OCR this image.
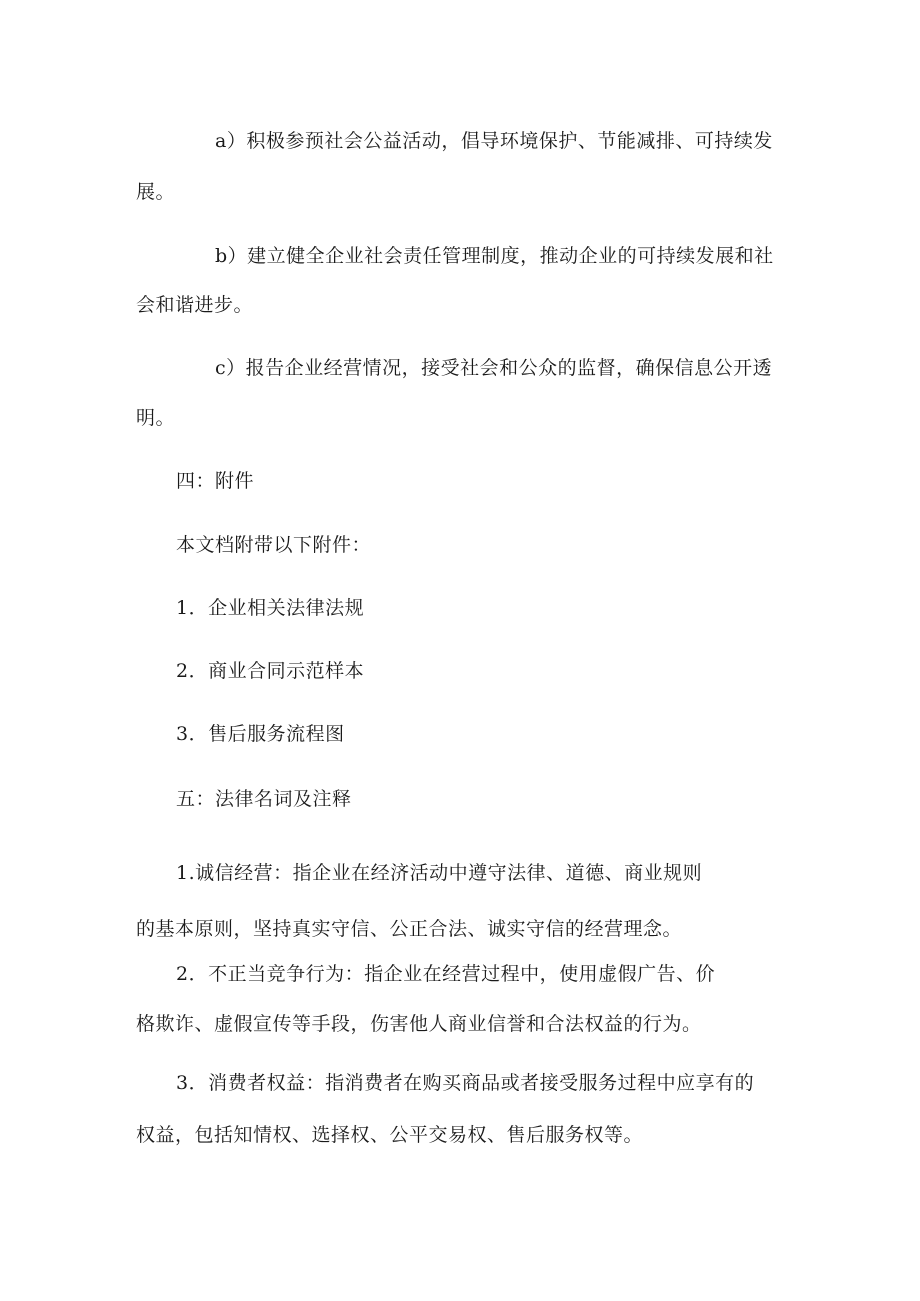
a）积极参预社会公益活动，倡导环境保护、节能减排、可持续发
展。
b）建立健全企业社会责任管理制度，推动企业的可持续发展和社
会和谐进步。
c）报告企业经营情况，接受社会和公众的监督，确保信息公开透
明。
四：附件
本文档附带以下附件：
1．企业相关法律法规
2．商业合同示范样本
3．售后服务流程图
五：法律名词及注释
1.诚信经营：指企业在经济活动中遵守法律、道德、商业规则
的基本原则，坚持真实守信、公正合法、诚实守信的经营理念。
2．不正当竞争行为：指企业在经营过程中，使用虚假广告、价
格欺诈、虚假宣传等手段，伤害他人商业信誉和合法权益的行为。
3．消费者权益：指消费者在购买商品或者接受服务过程中应享有的
权益，包括知情权、选择权、公平交易权、售后服务权等。
